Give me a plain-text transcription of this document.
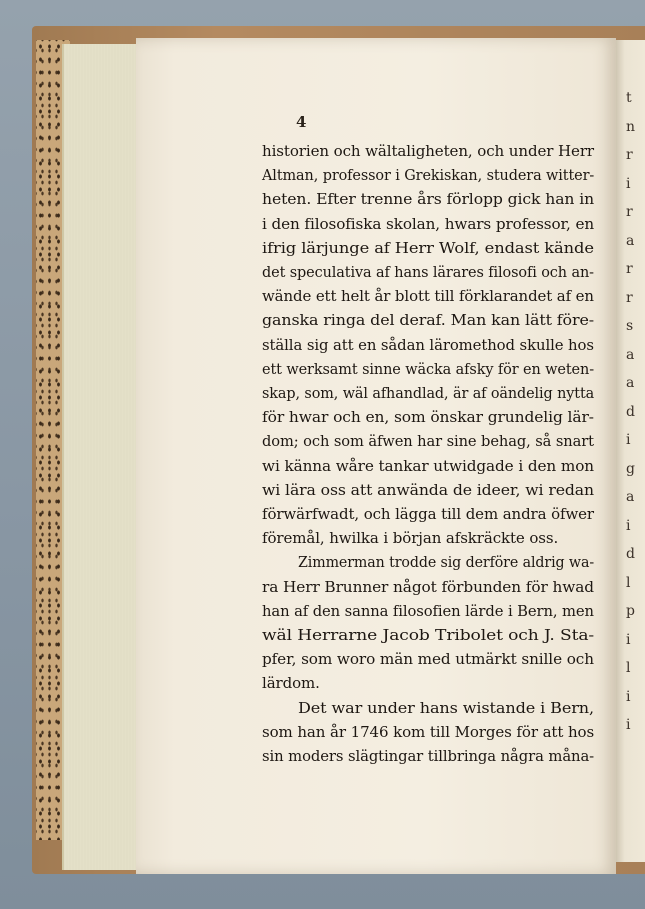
4
historien och wältaligheten, och under Herr
Altman, professor i Grekiskan, studera witter-
heten. Efter trenne års förlopp gick han in
i den filosofiska skolan, hwars professor, en
ifrig lärjunge af Herr Wolf, endast kände
det speculativa af hans lärares filosofi och an-
wände ett helt år blott till förklarandet af en
ganska ringa del deraf. Man kan lätt före-
ställa sig att en sådan läromethod skulle hos
ett werksamt sinne wäcka afsky för en weten-
skap, som, wäl afhandlad, är af oändelig nytta
för hwar och en, som önskar grundelig lär-
dom; och som äfwen har sine behag, så snart
wi känna wåre tankar utwidgade i den mon
wi lära oss att anwända de ideer, wi redan
förwärfwadt, och lägga till dem andra öfwer
föremål, hwilka i början afskräckte oss.
Zimmerman trodde sig derföre aldrig wa-
ra Herr Brunner något förbunden för hwad
han af den sanna filosofien lärde i Bern, men
wäl Herrarne Jacob Tribolet och J. Sta-
pfer, som woro män med utmärkt snille och
lärdom.
Det war under hans wistande i Bern,
som han år 1746 kom till Morges för att hos
sin moders slägtingar tillbringa några måna-
t
n
r
i
r
a
r
r
s
a
a
d
i
g
a
i
d
l
p
i
l
i
i
